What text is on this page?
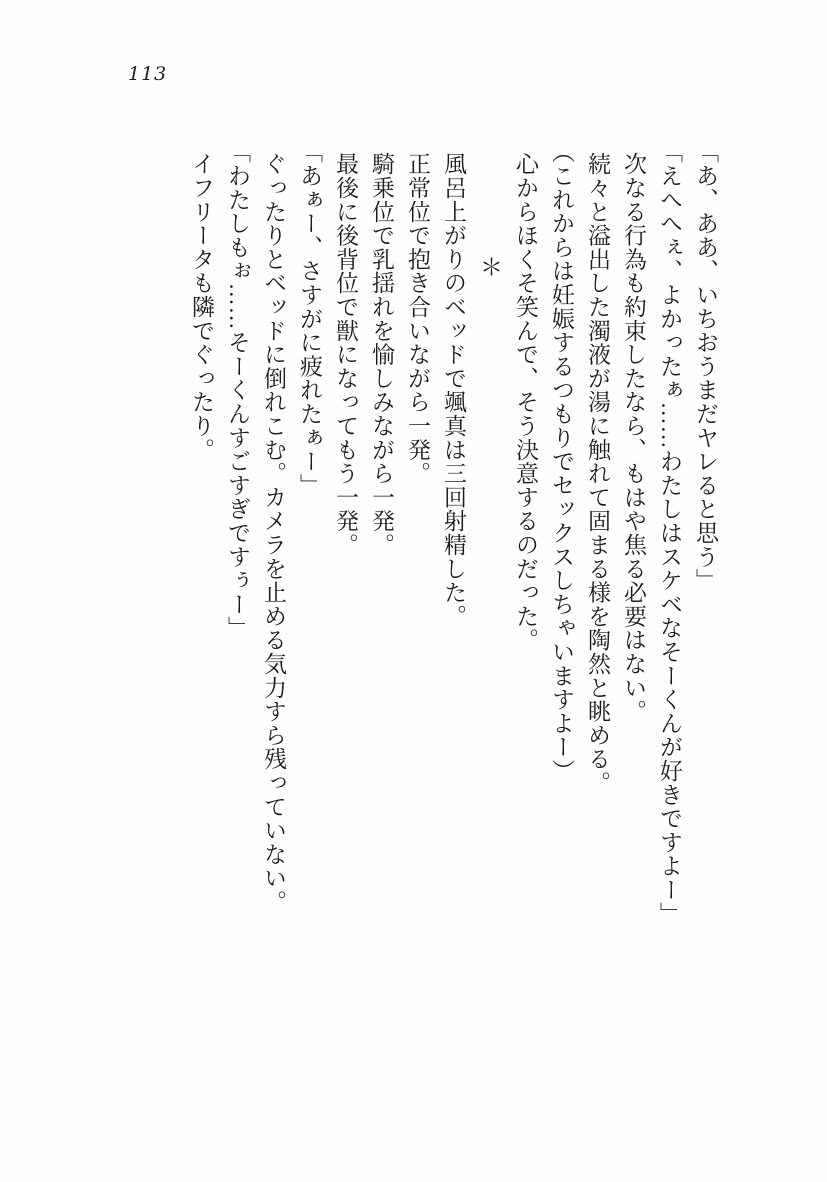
113

「あ、ああ、いちおうまだヤレると思う」

「えへへぇ、よかったぁ……わたしはスケベなそーくんが好きですよー」

次なる行為も約束したなら、もはや焦る必要はない。

続々と溢出した濁液が湯に触れて固まる様を陶然と眺める。

（これからは妊娠するつもりでセックスしちゃいますよー）

心からほくそ笑んで、そう決意するのだった。

＊

風呂上がりのベッドで颯真は三回射精した。

正常位で抱き合いながら一発。

騎乗位で乳揺れを愉しみながら一発。

最後に後背位で獣になってもう一発。

「あぁー、さすがに疲れたぁー」

ぐったりとベッドに倒れこむ。カメラを止める気力すら残っていない。

「わたしもぉ……そーくんすごすぎですぅー」

イフリータも隣でぐったり。
